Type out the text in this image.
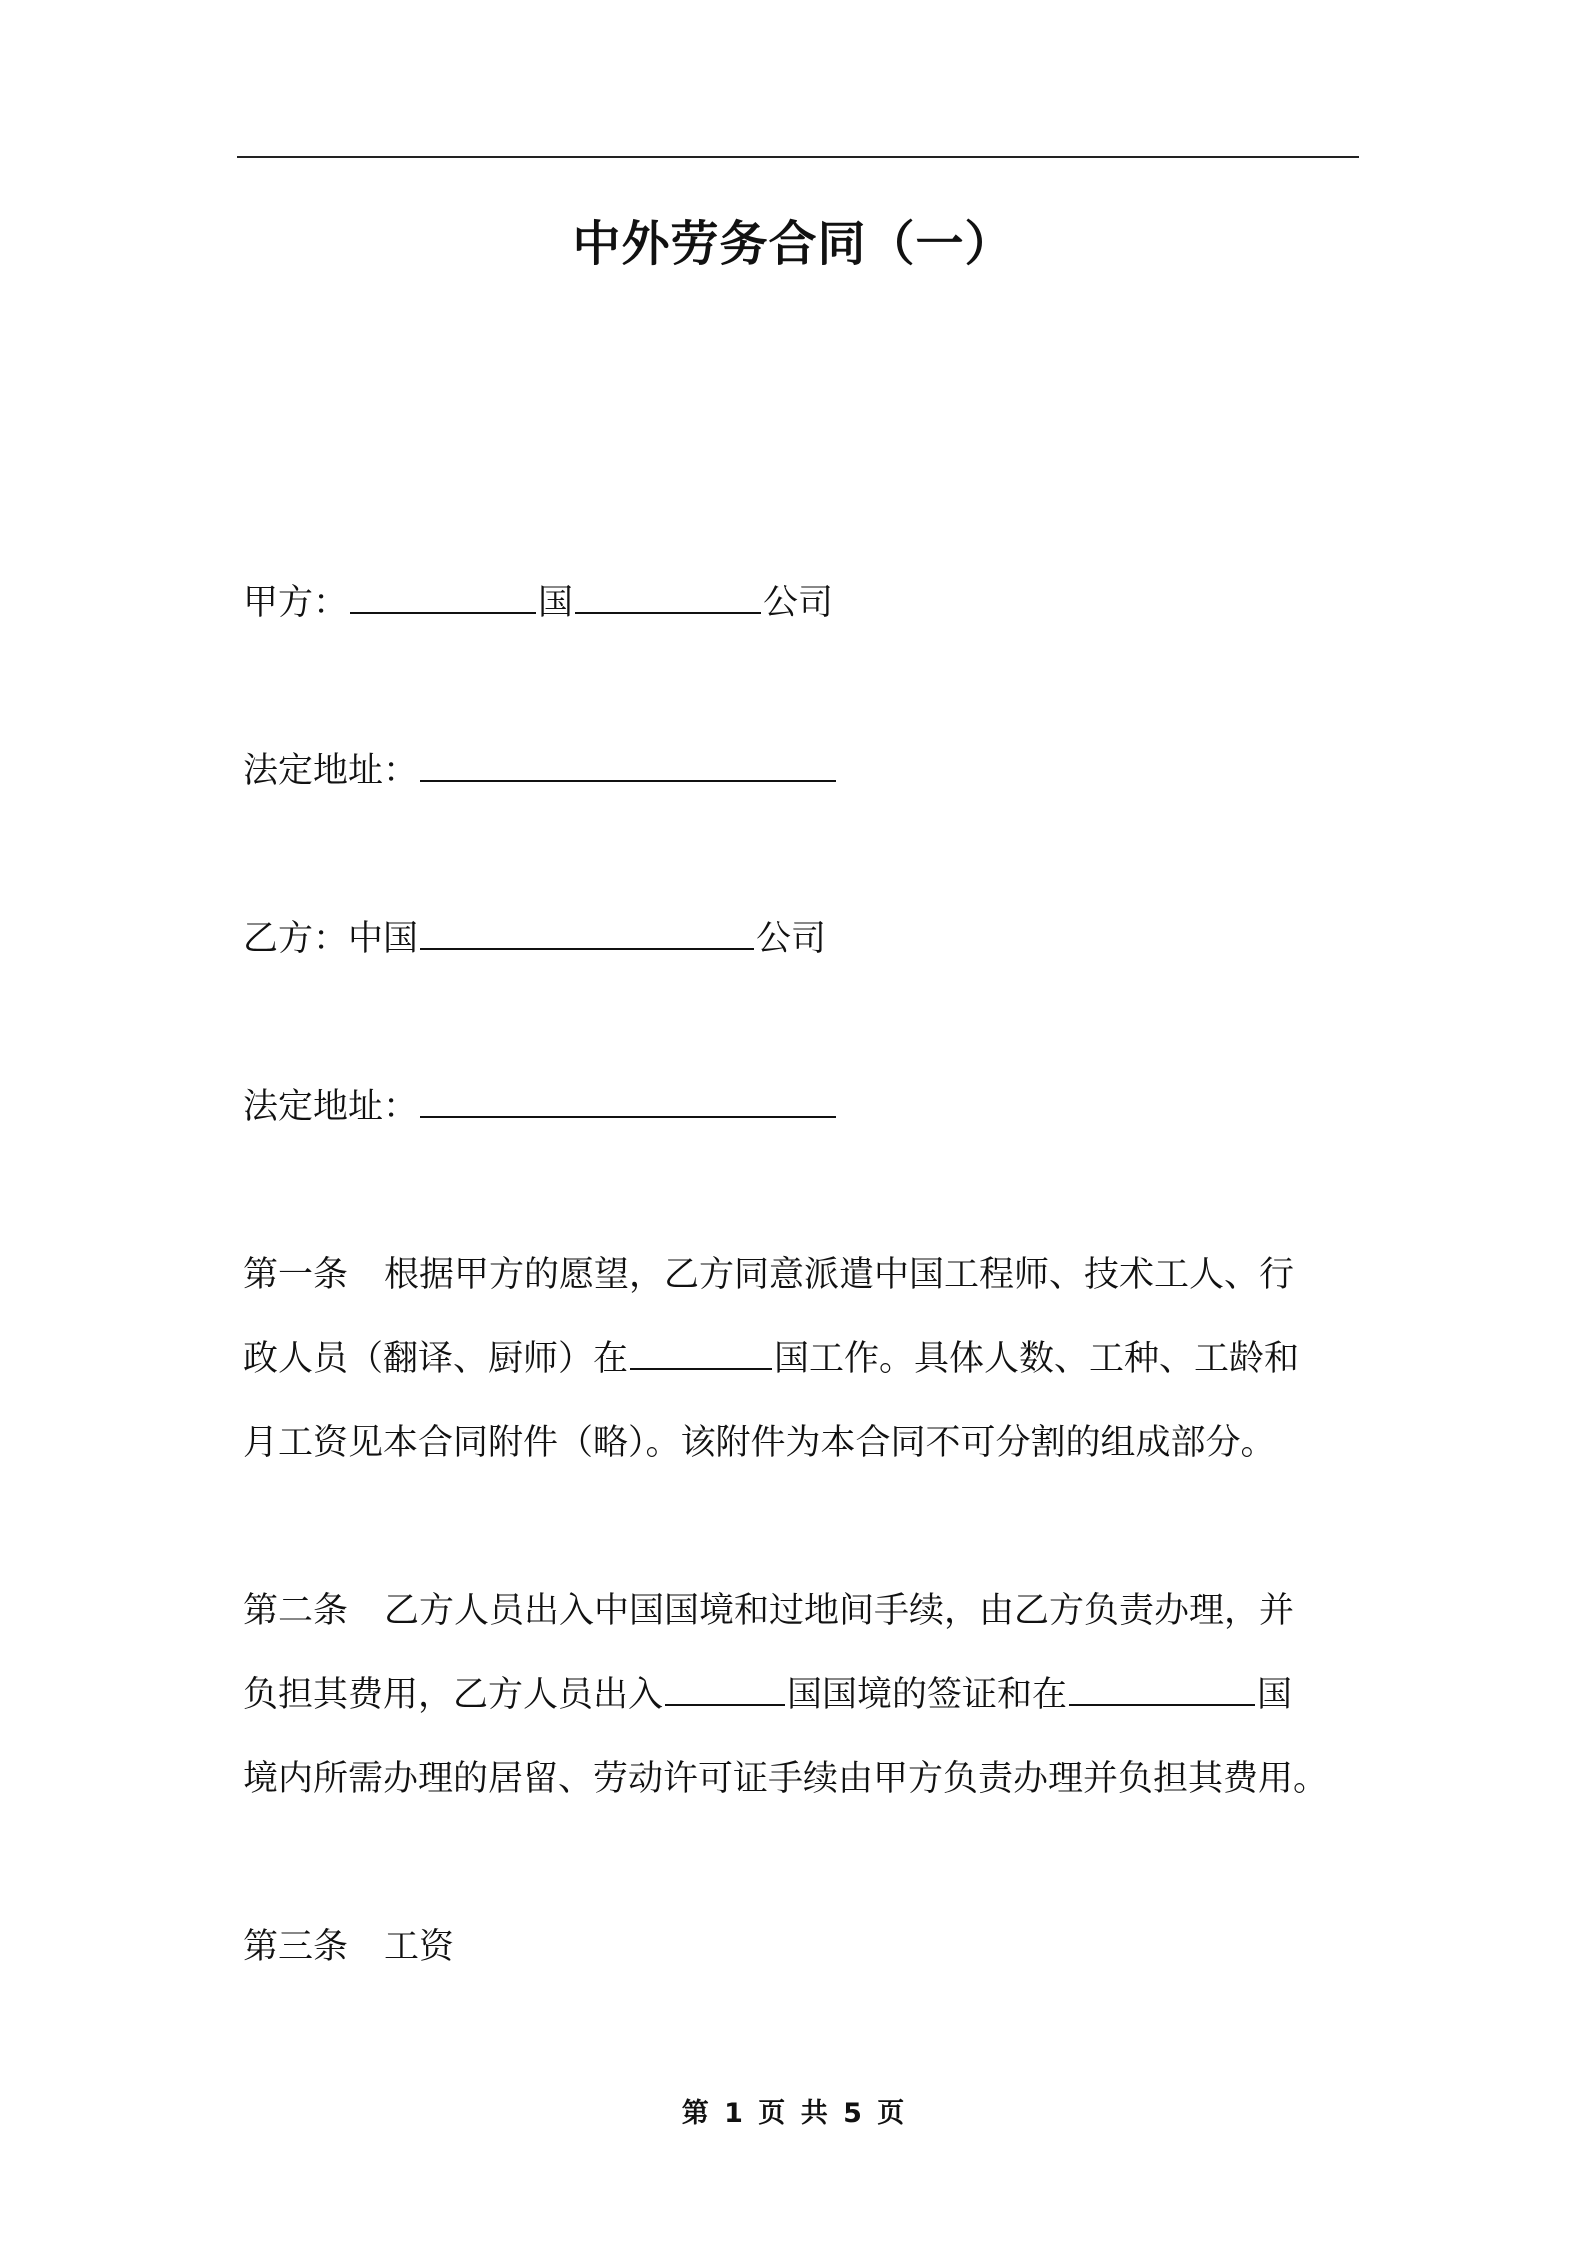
中外劳务合同（一）
甲方：	国	公司
法定地址：
乙方：中国	公司
法定地址：
第一条 根据甲方的愿望，乙方同意派遣中国工程师、技术工人、行
政人员（翻译、厨师）在	国工作。具体人数、工种、工龄和
月工资见本合同附件（略）。该附件为本合同不可分割的组成部分。
第二条 乙方人员出入中国国境和过地间手续，由乙方负责办理，并
负担其费用，乙方人员出入	国国境的签证和在	国
境内所需办理的居留、劳动许可证手续由甲方负责办理并负担其费用。
第三条 工资
第 1 页 共 5 页
